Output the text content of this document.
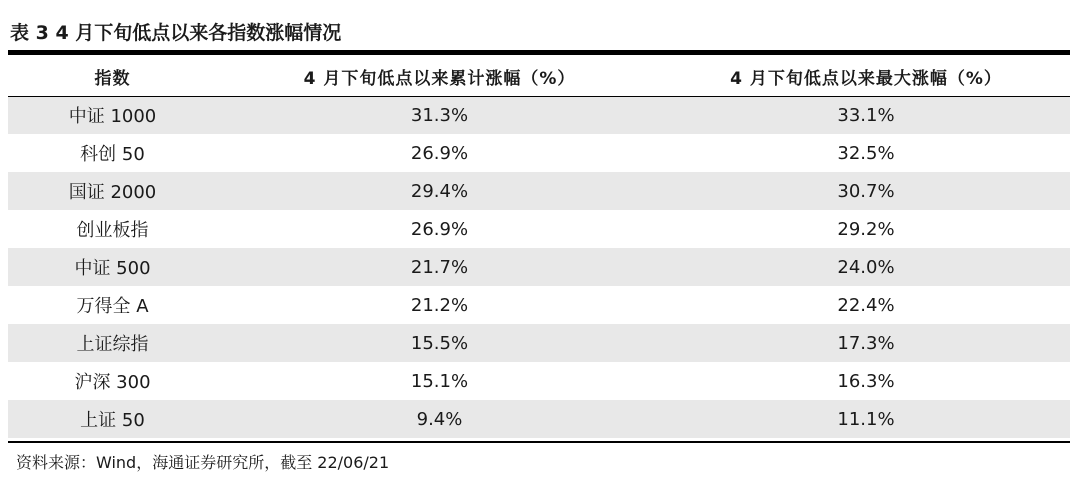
表 3 4 月下旬低点以来各指数涨幅情况
指数	4 月下旬低点以来累计涨幅（%）	4 月下旬低点以来最大涨幅（%）
中证 1000	31.3%	33.1%
科创 50	26.9%	32.5%
国证 2000	29.4%	30.7%
创业板指	26.9%	29.2%
中证 500	21.7%	24.0%
万得全 A	21.2%	22.4%
上证综指	15.5%	17.3%
沪深 300	15.1%	16.3%
上证 50	9.4%	11.1%
资料来源：Wind，海通证券研究所，截至 22/06/21
